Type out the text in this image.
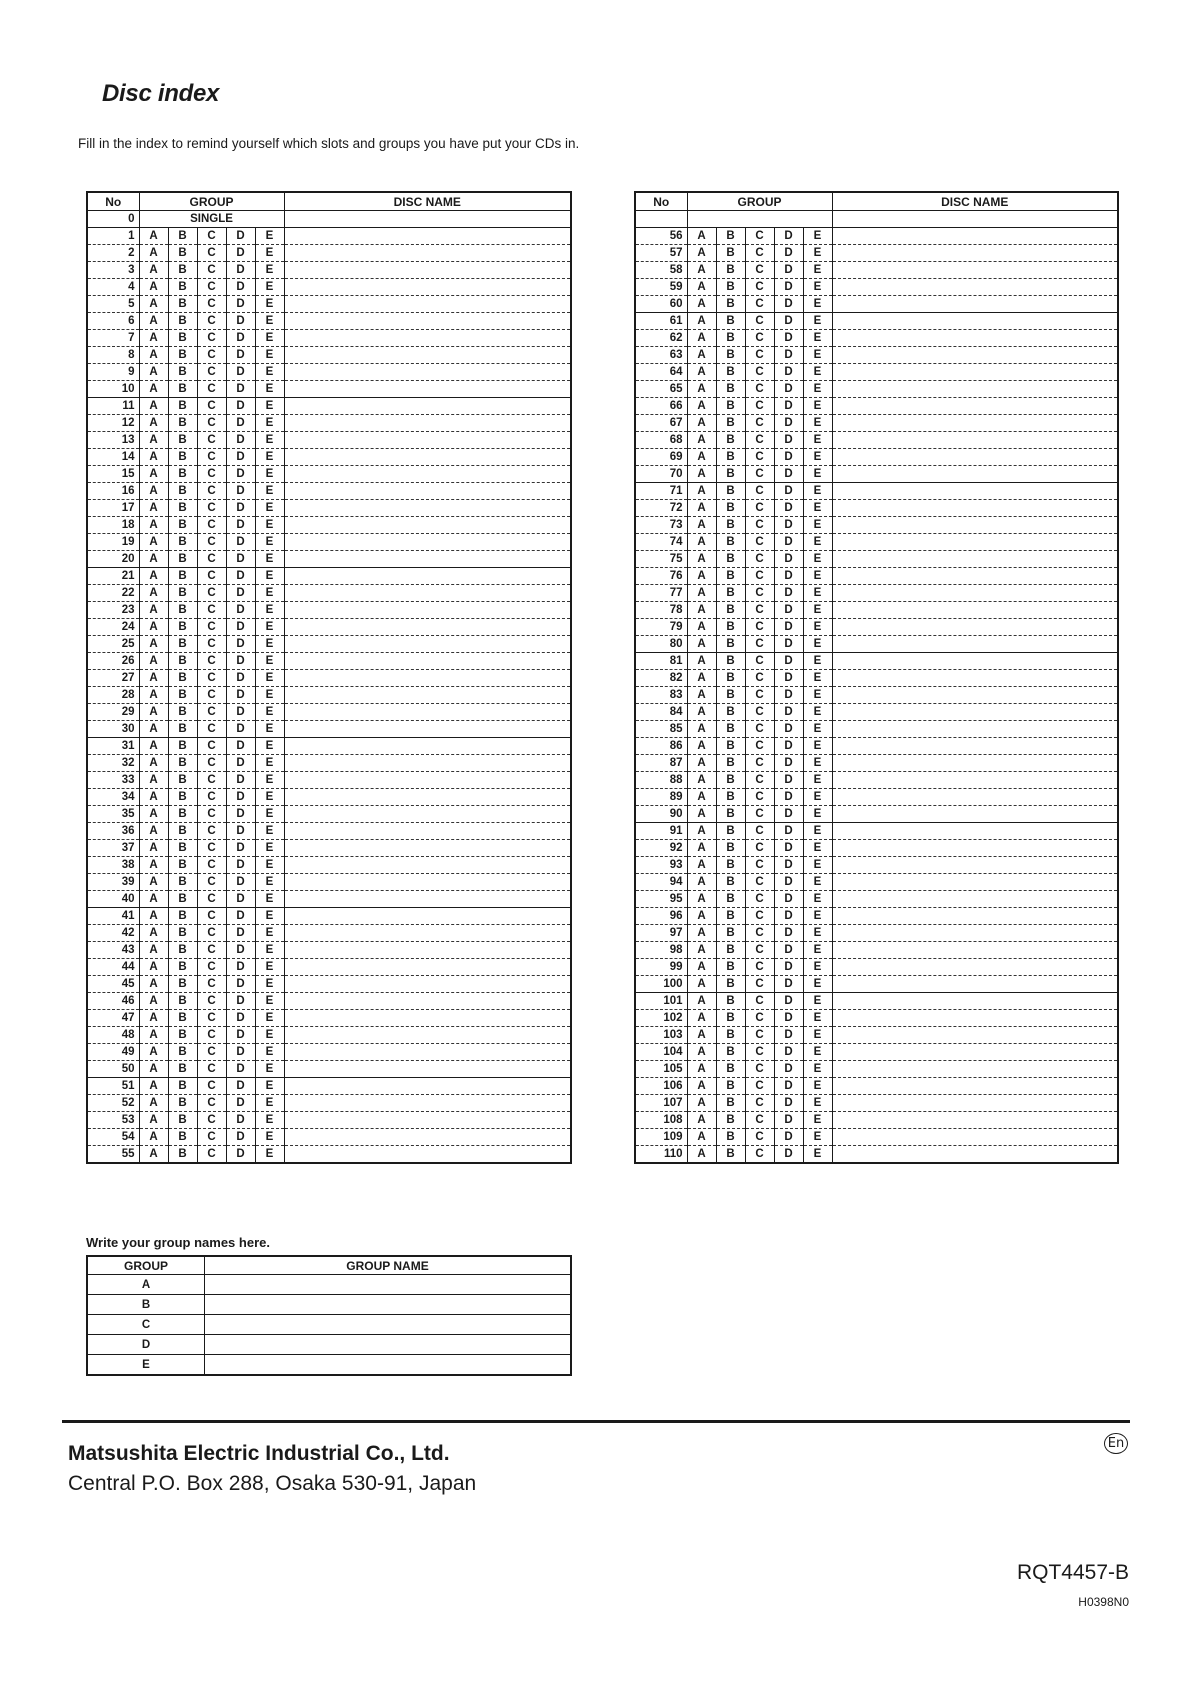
Disc index
Fill in the index to remind yourself which slots and groups you have put your CDs in.
No	GROUP					DISC NAME
0	SINGLE					
1	A	B	C	D	E	
2	A	B	C	D	E	
3	A	B	C	D	E	
4	A	B	C	D	E	
5	A	B	C	D	E	
6	A	B	C	D	E	
7	A	B	C	D	E	
8	A	B	C	D	E	
9	A	B	C	D	E	
10	A	B	C	D	E	
11	A	B	C	D	E	
12	A	B	C	D	E	
13	A	B	C	D	E	
14	A	B	C	D	E	
15	A	B	C	D	E	
16	A	B	C	D	E	
17	A	B	C	D	E	
18	A	B	C	D	E	
19	A	B	C	D	E	
20	A	B	C	D	E	
21	A	B	C	D	E	
22	A	B	C	D	E	
23	A	B	C	D	E	
24	A	B	C	D	E	
25	A	B	C	D	E	
26	A	B	C	D	E	
27	A	B	C	D	E	
28	A	B	C	D	E	
29	A	B	C	D	E	
30	A	B	C	D	E	
31	A	B	C	D	E	
32	A	B	C	D	E	
33	A	B	C	D	E	
34	A	B	C	D	E	
35	A	B	C	D	E	
36	A	B	C	D	E	
37	A	B	C	D	E	
38	A	B	C	D	E	
39	A	B	C	D	E	
40	A	B	C	D	E	
41	A	B	C	D	E	
42	A	B	C	D	E	
43	A	B	C	D	E	
44	A	B	C	D	E	
45	A	B	C	D	E	
46	A	B	C	D	E	
47	A	B	C	D	E	
48	A	B	C	D	E	
49	A	B	C	D	E	
50	A	B	C	D	E	
51	A	B	C	D	E	
52	A	B	C	D	E	
53	A	B	C	D	E	
54	A	B	C	D	E	
55	A	B	C	D	E	
No	GROUP					DISC NAME

56	A	B	C	D	E	
57	A	B	C	D	E	
58	A	B	C	D	E	
59	A	B	C	D	E	
60	A	B	C	D	E	
61	A	B	C	D	E	
62	A	B	C	D	E	
63	A	B	C	D	E	
64	A	B	C	D	E	
65	A	B	C	D	E	
66	A	B	C	D	E	
67	A	B	C	D	E	
68	A	B	C	D	E	
69	A	B	C	D	E	
70	A	B	C	D	E	
71	A	B	C	D	E	
72	A	B	C	D	E	
73	A	B	C	D	E	
74	A	B	C	D	E	
75	A	B	C	D	E	
76	A	B	C	D	E	
77	A	B	C	D	E	
78	A	B	C	D	E	
79	A	B	C	D	E	
80	A	B	C	D	E	
81	A	B	C	D	E	
82	A	B	C	D	E	
83	A	B	C	D	E	
84	A	B	C	D	E	
85	A	B	C	D	E	
86	A	B	C	D	E	
87	A	B	C	D	E	
88	A	B	C	D	E	
89	A	B	C	D	E	
90	A	B	C	D	E	
91	A	B	C	D	E	
92	A	B	C	D	E	
93	A	B	C	D	E	
94	A	B	C	D	E	
95	A	B	C	D	E	
96	A	B	C	D	E	
97	A	B	C	D	E	
98	A	B	C	D	E	
99	A	B	C	D	E	
100	A	B	C	D	E	
101	A	B	C	D	E	
102	A	B	C	D	E	
103	A	B	C	D	E	
104	A	B	C	D	E	
105	A	B	C	D	E	
106	A	B	C	D	E	
107	A	B	C	D	E	
108	A	B	C	D	E	
109	A	B	C	D	E	
110	A	B	C	D	E	
Write your group names here.
GROUP	GROUP NAME
A	
B	
C	
D	
E	
En
Matsushita Electric Industrial Co., Ltd.
Central P.O. Box 288, Osaka 530-91, Japan
RQT4457-B
H0398N0
